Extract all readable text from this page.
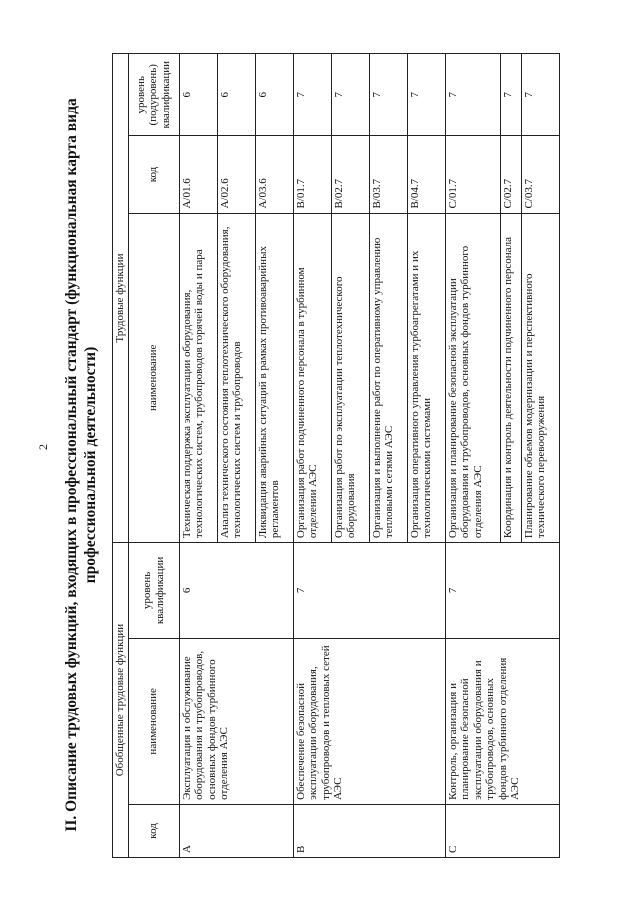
2 II. Описание трудовых функций, входящих в профессиональный стандарт (функциональная карта вида профессиональной деятельности)
Обобщенные трудовые функции			Трудовые функции		
код	наименование	уровень квалификации	наименование	код	уровень (подуровень) квалификации
A	Эксплуатация и обслуживание оборудования и трубопроводов, основных фондов турбинного отделения АЭС	6	Техническая поддержка эксплуатации оборудования, технологических систем, трубопроводов горячей воды и пара	A/01.6	6
			Анализ технического состояния теплотехнического оборудования, технологических систем и трубопроводов	A/02.6	6
			Ликвидация аварийных ситуаций в рамках противоаварийных регламентов	A/03.6	6
B	Обеспечение безопасной эксплуатации оборудования, трубопроводов и тепловых сетей АЭС	7	Организация работ подчиненного персонала в турбинном отделении АЭС	B/01.7	7
			Организация работ по эксплуатации теплотехнического оборудования	B/02.7	7
			Организация и выполнение работ по оперативному управлению тепловыми сетями АЭС	B/03.7	7
			Организация оперативного управления турбоагрегатами и их технологическими системами	B/04.7	7
C	Контроль, организация и планирование безопасной эксплуатации оборудования и трубопроводов, основных фондов турбинного отделения АЭС	7	Организация и планирование безопасной эксплуатации оборудования и трубопроводов, основных фондов турбинного отделения АЭС	C/01.7	7
			Координация и контроль деятельности подчиненного персонала	C/02.7	7
			Планирование объемов модернизации и перспективного технического перевооружения	C/03.7	7
